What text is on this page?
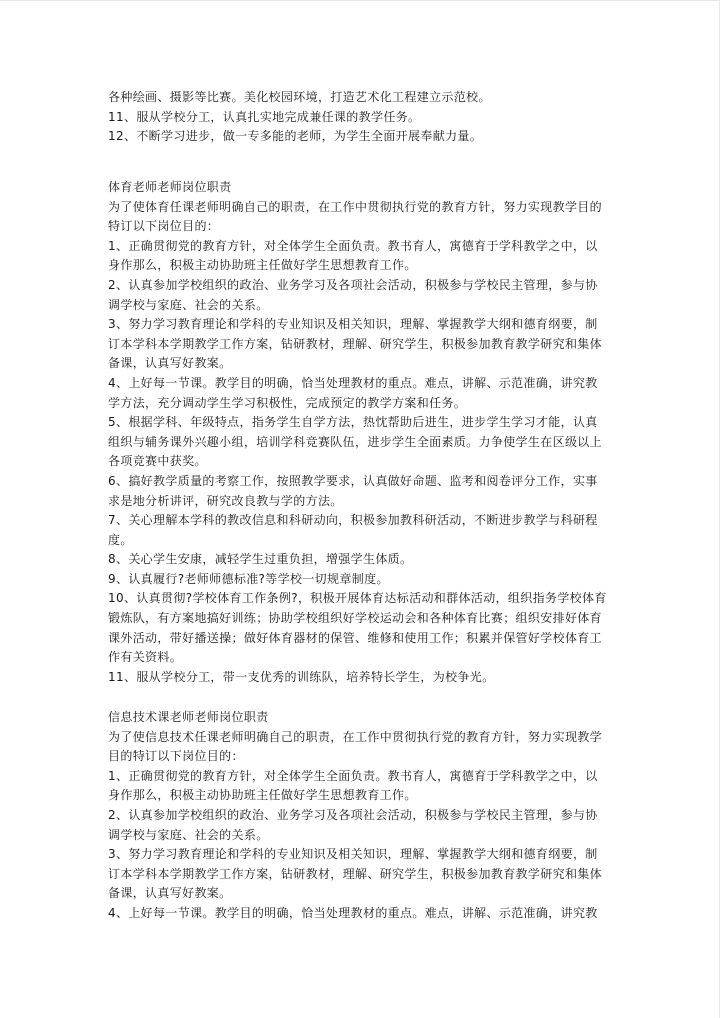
各种绘画、摄影等比赛。美化校园环境，打造艺术化工程建立示范校。
11、服从学校分工，认真扎实地完成兼任课的教学任务。
12、不断学习进步，做一专多能的老师，为学生全面开展奉献力量。
体育老师老师岗位职责
为了使体育任课老师明确自己的职责，在工作中贯彻执行党的教育方针，努力实现教学目的
特订以下岗位目的：
1、正确贯彻党的教育方针，对全体学生全面负责。教书育人，寓德育于学科教学之中，以
身作那么，积极主动协助班主任做好学生思想教育工作。
2、认真参加学校组织的政治、业务学习及各项社会活动，积极参与学校民主管理，参与协
调学校与家庭、社会的关系。
3、努力学习教育理论和学科的专业知识及相关知识，理解、掌握教学大纲和德育纲要，制
订本学科本学期教学工作方案，钻研教材，理解、研究学生，积极参加教育教学研究和集体
备课，认真写好教案。
4、上好每一节课。教学目的明确，恰当处理教材的重点。难点，讲解、示范准确，讲究教
学方法，充分调动学生学习积极性，完成预定的教学方案和任务。
5、根据学科、年级特点，指务学生自学方法，热忱帮助后进生，进步学生学习才能，认真
组织与辅务课外兴趣小组，培训学科竞赛队伍，进步学生全面素质。力争使学生在区级以上
各项竞赛中获奖。
6、搞好教学质量的考察工作，按照教学要求，认真做好命题、监考和阅卷评分工作，实事
求是地分析讲评，研究改良教与学的方法。
7、关心理解本学科的教改信息和科研动向，积极参加教科研活动，不断进步教学与科研程
度。
8、关心学生安康，减轻学生过重负担，增强学生体质。
9、认真履行?老师师德标准?等学校一切规章制度。
10、认真贯彻?学校体育工作条例?，积极开展体育达标活动和群体活动，组织指务学校体育
锻炼队，有方案地搞好训练；协助学校组织好学校运动会和各种体育比赛；组织安排好体育
课外活动，带好播送操；做好体育器材的保管、维修和使用工作；积累并保管好学校体育工
作有关资料。
11、服从学校分工，带一支优秀的训练队，培养特长学生，为校争光。
信息技术课老师老师岗位职责
为了使信息技术任课老师明确自己的职责，在工作中贯彻执行党的教育方针，努力实现教学
目的特订以下岗位目的：
1、正确贯彻党的教育方针，对全体学生全面负责。教书育人，寓德育于学科教学之中，以
身作那么，积极主动协助班主任做好学生思想教育工作。
2、认真参加学校组织的政治、业务学习及各项社会活动，积极参与学校民主管理，参与协
调学校与家庭、社会的关系。
3、努力学习教育理论和学科的专业知识及相关知识，理解、掌握教学大纲和德育纲要，制
订本学科本学期教学工作方案，钻研教材，理解、研究学生，积极参加教育教学研究和集体
备课，认真写好教案。
4、上好每一节课。教学目的明确，恰当处理教材的重点。难点，讲解、示范准确，讲究教
